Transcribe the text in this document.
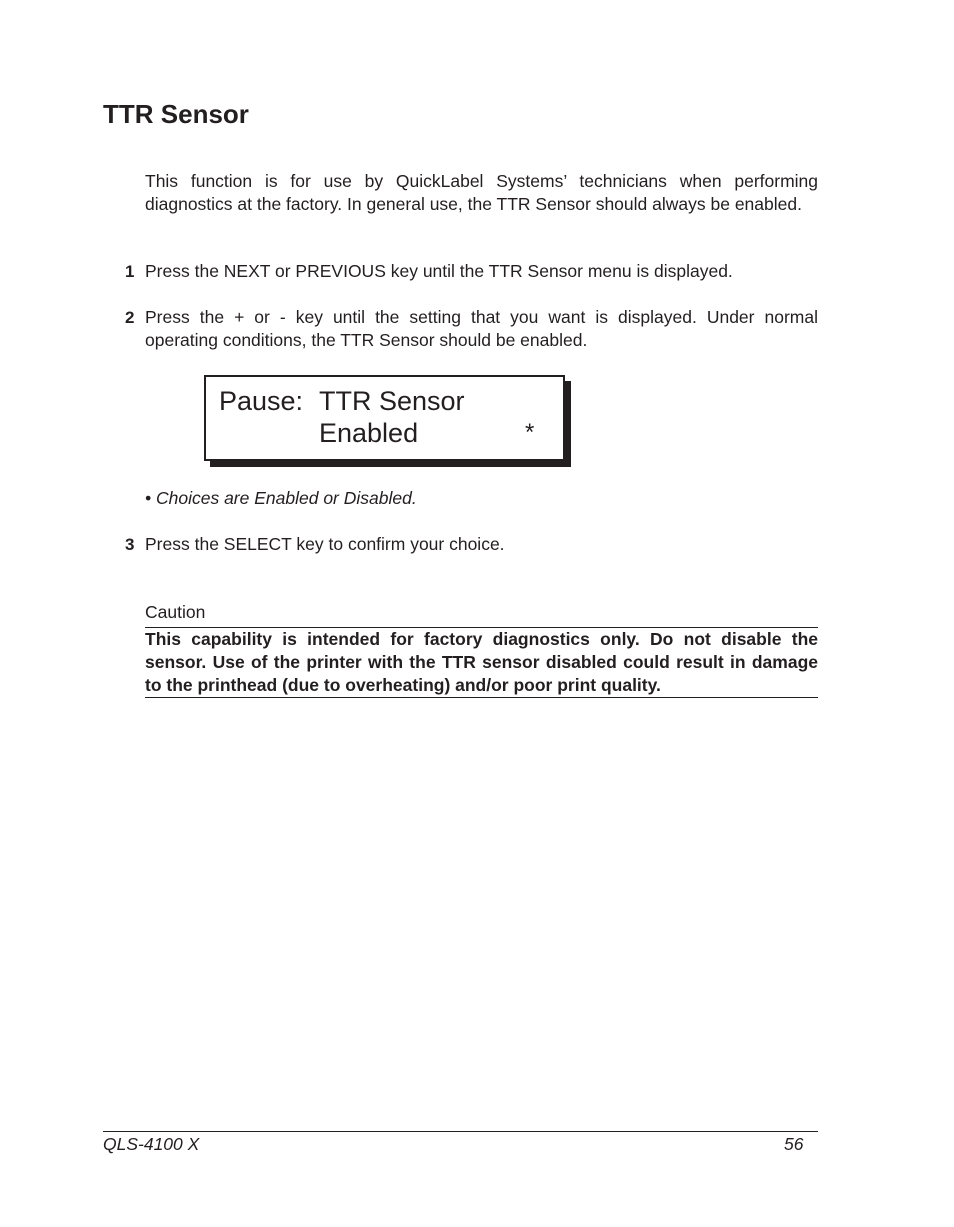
TTR Sensor

This function is for use by QuickLabel Systems’ technicians when performing diagnostics at the factory. In general use, the TTR Sensor should always be enabled.

1 Press the NEXT or PREVIOUS key until the TTR Sensor menu is displayed.

2 Press the + or - key until the setting that you want is displayed. Under normal operating conditions, the TTR Sensor should be enabled.

Pause: TTR Sensor
Enabled	*
• Choices are Enabled or Disabled.
3 Press the SELECT key to confirm your choice.

Caution

This capability is intended for factory diagnostics only. Do not disable the sensor. Use of the printer with the TTR sensor disabled could result in damage to the printhead (due to overheating) and/or poor print quality.

QLS-4100 X	56
